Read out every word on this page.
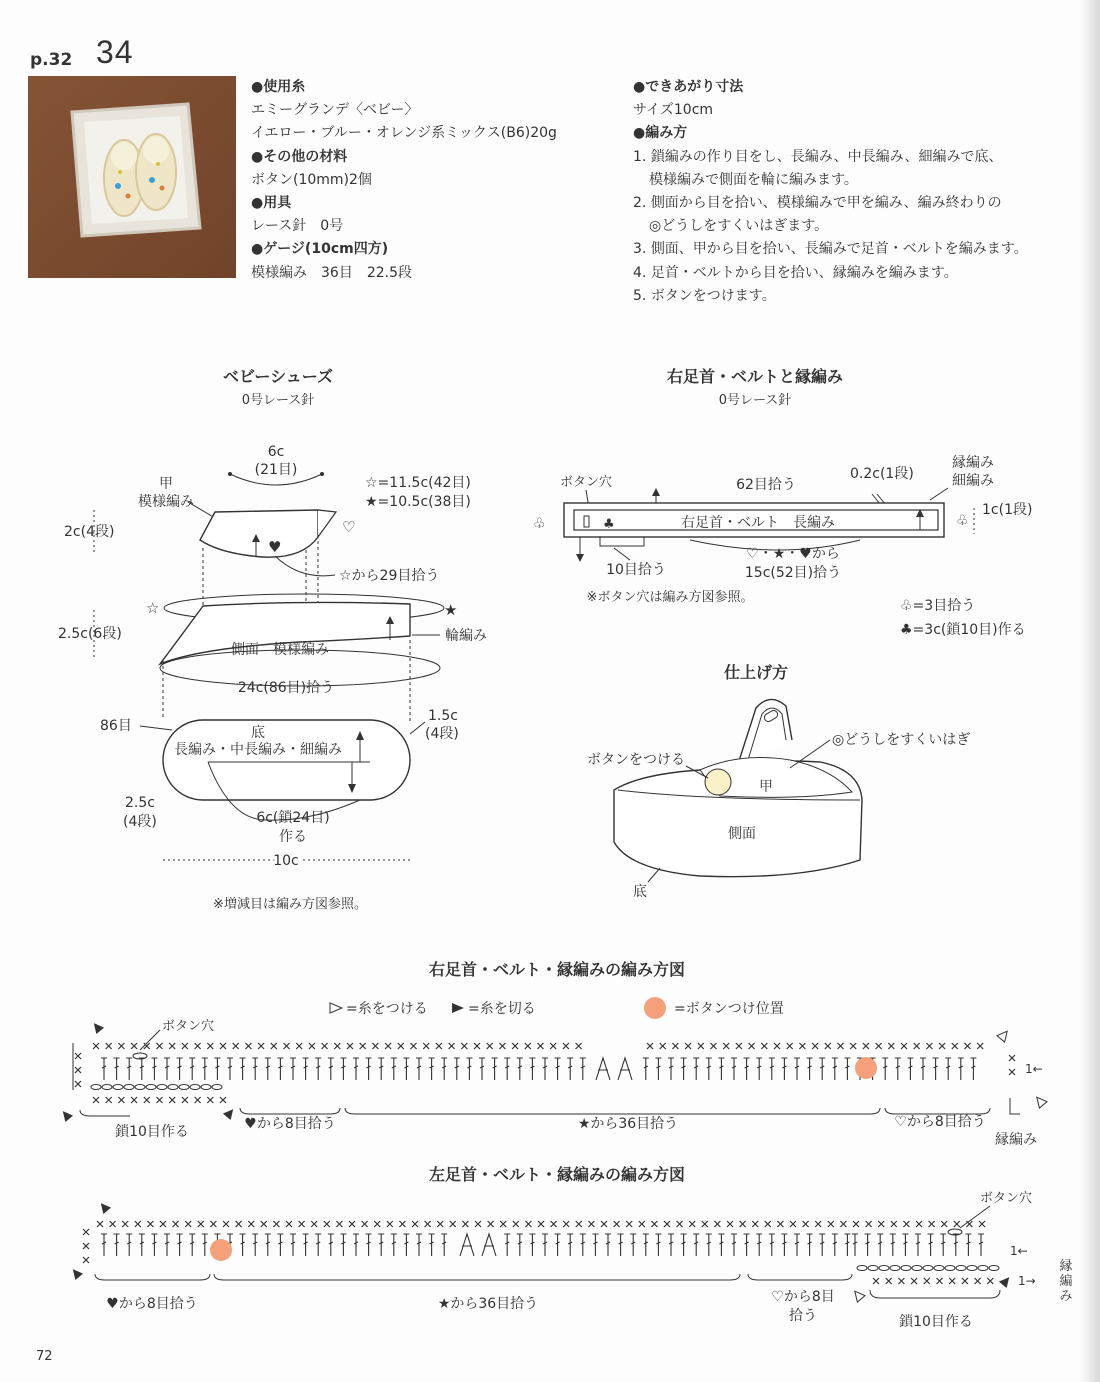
p.32 34
●使用糸
エミーグランデ〈ベビー〉
イエロー・ブルー・オレンジ系ミックス(B6)20g
●その他の材料
ボタン(10mm)2個
●用具
レース針　0号
●ゲージ(10cm四方)
模様編み　36目　22.5段
●できあがり寸法
サイズ10cm
●編み方
1. 鎖編みの作り目をし、長編み、中長編み、細編みで底、
模様編みで側面を輪に編みます。
2. 側面から目を拾い、模様編みで甲を編み、編み終わりの
◎どうしをすくいはぎます。
3. 側面、甲から目を拾い、長編みで足首・ベルトを編みます。
4. 足首・ベルトから目を拾い、縁編みを編みます。
5. ボタンをつけます。
ベビーシューズ
0号レース針
6c
(21目)
☆=11.5c(42目)
★=10.5c(38目)
甲
模様編み
2c(4段)	♡
♥
☆から29目拾う
☆	★
輪編み
2.5c(6段)
側面　模様編み
24c(86目)拾う
86目	底
長編み・中長編み・細編み
1.5c
(4段)
2.5c
(4段)	6c(鎖24目)
作る
10c
※増減目は編み方図参照。
右足首・ベルトと縁編み
0号レース針
ボタン穴	62目拾う
0.2c(1段)
縁編み
細編み
♣	右足首・ベルト　長編み
♧	♧
1c(1段)
10目拾う
♡・★・♥から
15c(52目)拾う
※ボタン穴は編み方図参照。
♧=3目拾う
♣=3c(鎖10目)作る
仕上げ方
ボタンをつける
◎どうしをすくいはぎ
甲
側面
底
右足首・ベルト・縁編みの編み方図
=糸をつける	=糸を切る	=ボタンつけ位置
ボタン穴
1←
鎖10目作る	♥から8目拾う	★から36目拾う	♡から8目拾う
縁編み
左足首・ベルト・縁編みの編み方図
ボタン穴
1←
1→
縁
編
み
♥から8目拾う	★から36目拾う	♡から8目
拾う	鎖10目作る
72
